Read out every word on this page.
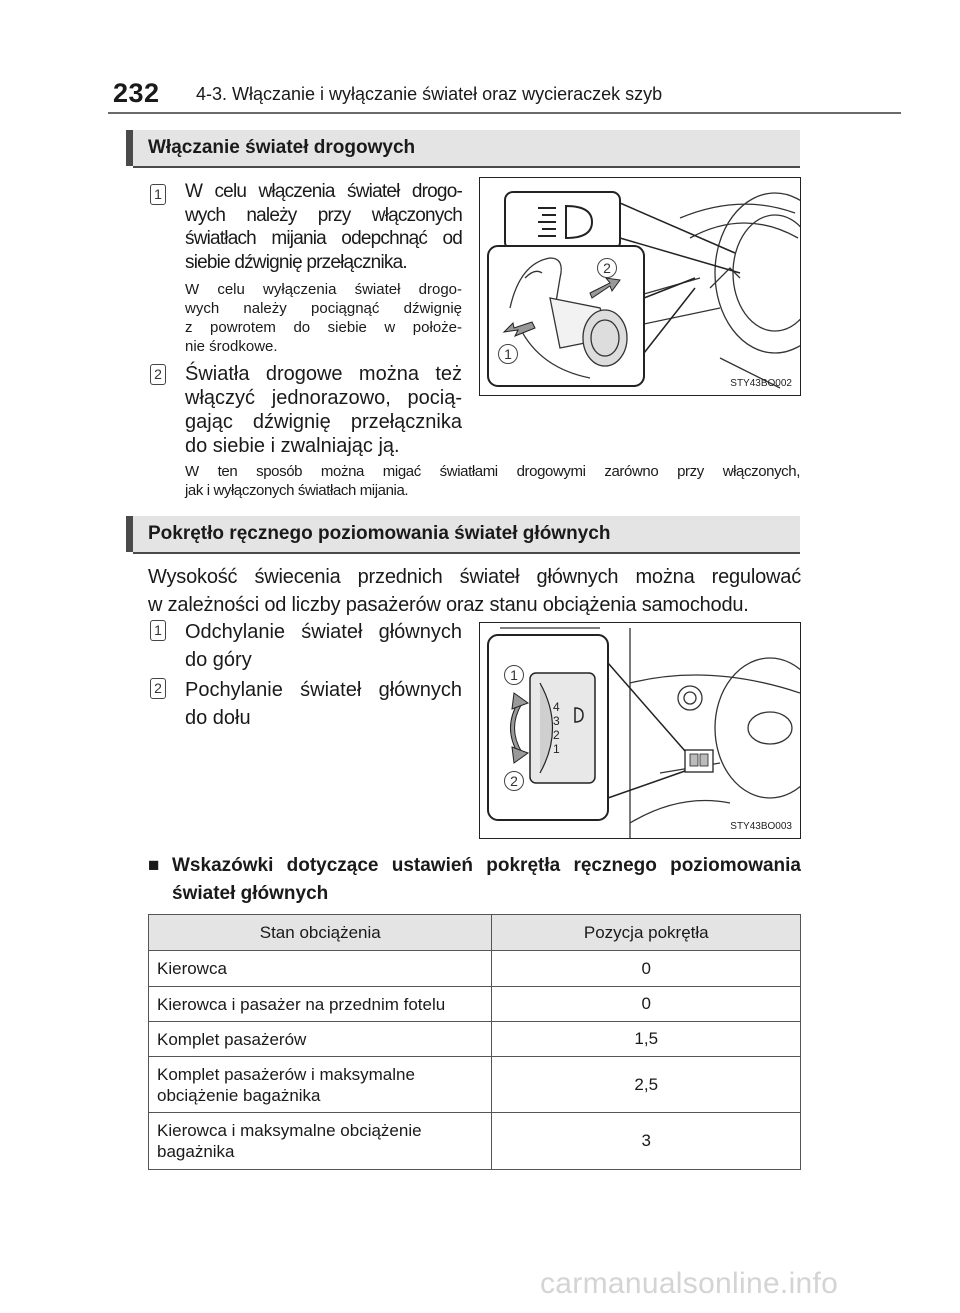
232 4-3. Włączanie i wyłączanie świateł oraz wycieraczek szyb
Włączanie świateł drogowych
1 W celu włączenia świateł drogo-
wych należy przy włączonych
światłach mijania odepchnąć od
siebie dźwignię przełącznika.
W celu wyłączenia świateł drogo-
wych należy pociągnąć dźwignię
z powrotem do siebie w położe-
nie środkowe.
2 Światła drogowe można też
włączyć jednorazowo, pocią-
gając dźwignię przełącznika
do siebie i zwalniając ją.
W ten sposób można migać światłami drogowymi zarówno przy włączonych,
jak i wyłączonych światłach mijania.
2
1
STY43BO002
Pokrętło ręcznego poziomowania świateł głównych
Wysokość świecenia przednich świateł głównych można regulować
w zależności od liczby pasażerów oraz stanu obciążenia samochodu.
1 Odchylanie świateł głównych
do góry
2 Pochylanie świateł głównych
do dołu	4
3
2
1
1
2
STY43BO003
■ Wskazówki dotyczące ustawień pokrętła ręcznego poziomowania
świateł głównych
Stan obciążenia	Pozycja pokrętła

Kierowca	0

Kierowca i pasażer na przednim fotelu	0

Komplet pasażerów	1,5

Komplet pasażerów i maksymalne
obciążenie bagażnika	2,5

Kierowca i maksymalne obciążenie
bagażnika	3
carmanualsonline.info
